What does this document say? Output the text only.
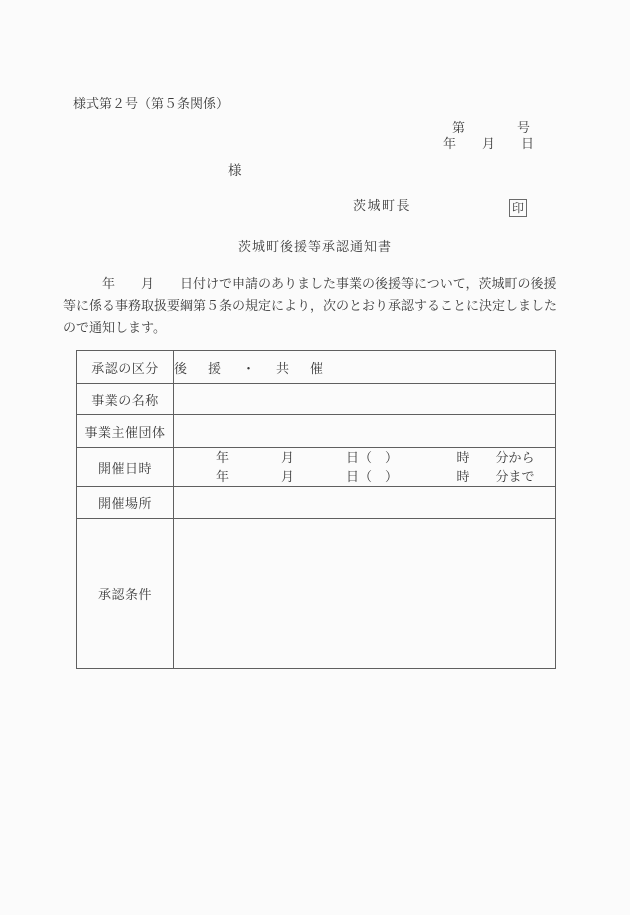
様式第２号（第５条関係）
第　　　　号
年　　月　　日
様
茨城町長	印
茨城町後援等承認通知書
　　　年　　月　　日付けで申請のありました事業の後援等について，茨城町の後援
等に係る事務取扱要綱第５条の規定により，次のとおり承認することに決定しました
ので通知します。
承認の区分	後　援　・　共　催
事業の名称	
事業主催団体	
開催日時	年　　　　月　　　　日（　）　　　　　時　　分から
年　　　　月　　　　日（　）　　　　　時　　分まで

開催場所	
承認条件	
